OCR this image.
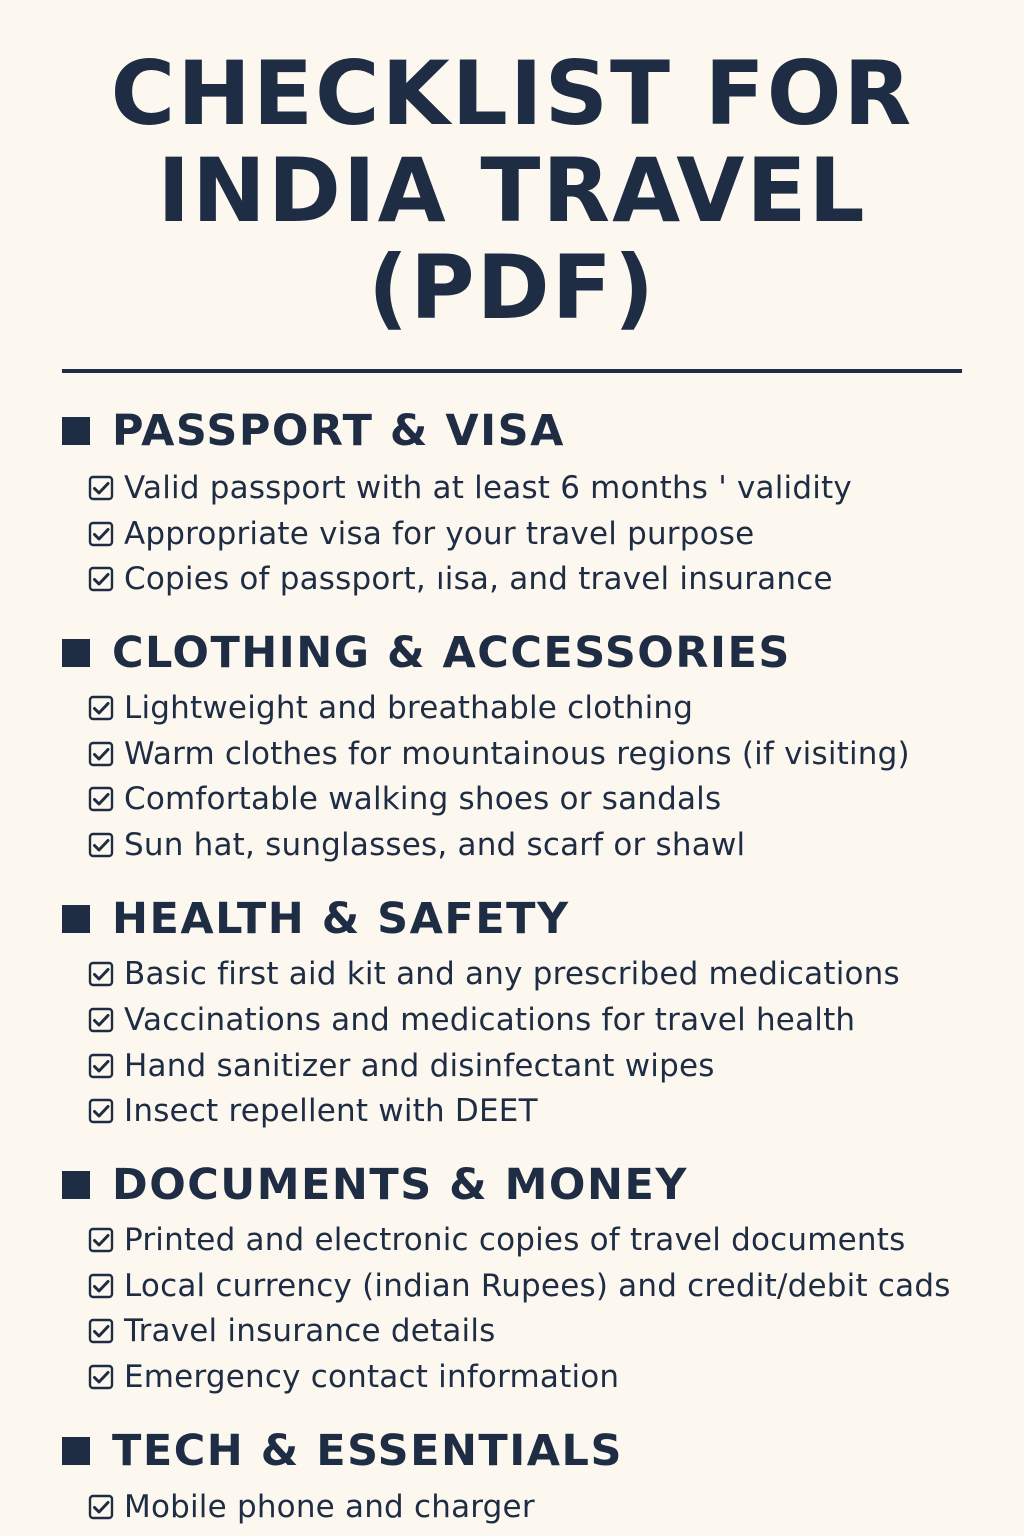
CHECKLIST FOR
INDIA TRAVEL
(PDF)
PASSPORT & VISA
Valid passport with at least 6 months ' validity
Appropriate visa for your travel purpose
Copies of passport, ıisa, and travel insurance
CLOTHING & ACCESSORIES
Lightweight and breathable clothing
Warm clothes for mountainous regions (if visiting)
Comfortable walking shoes or sandals
Sun hat, sunglasses, and scarf or shawl
HEALTH & SAFETY
Basic first aid kit and any prescribed medications
Vaccinations and medications for travel health
Hand sanitizer and disinfectant wipes
Insect repellent with DEET
DOCUMENTS & MONEY
Printed and electronic copies of travel documents
Local currency (indian Rupees) and credit/debit cads
Travel insurance details
Emergency contact information
TECH & ESSENTIALS
Mobile phone and charger
